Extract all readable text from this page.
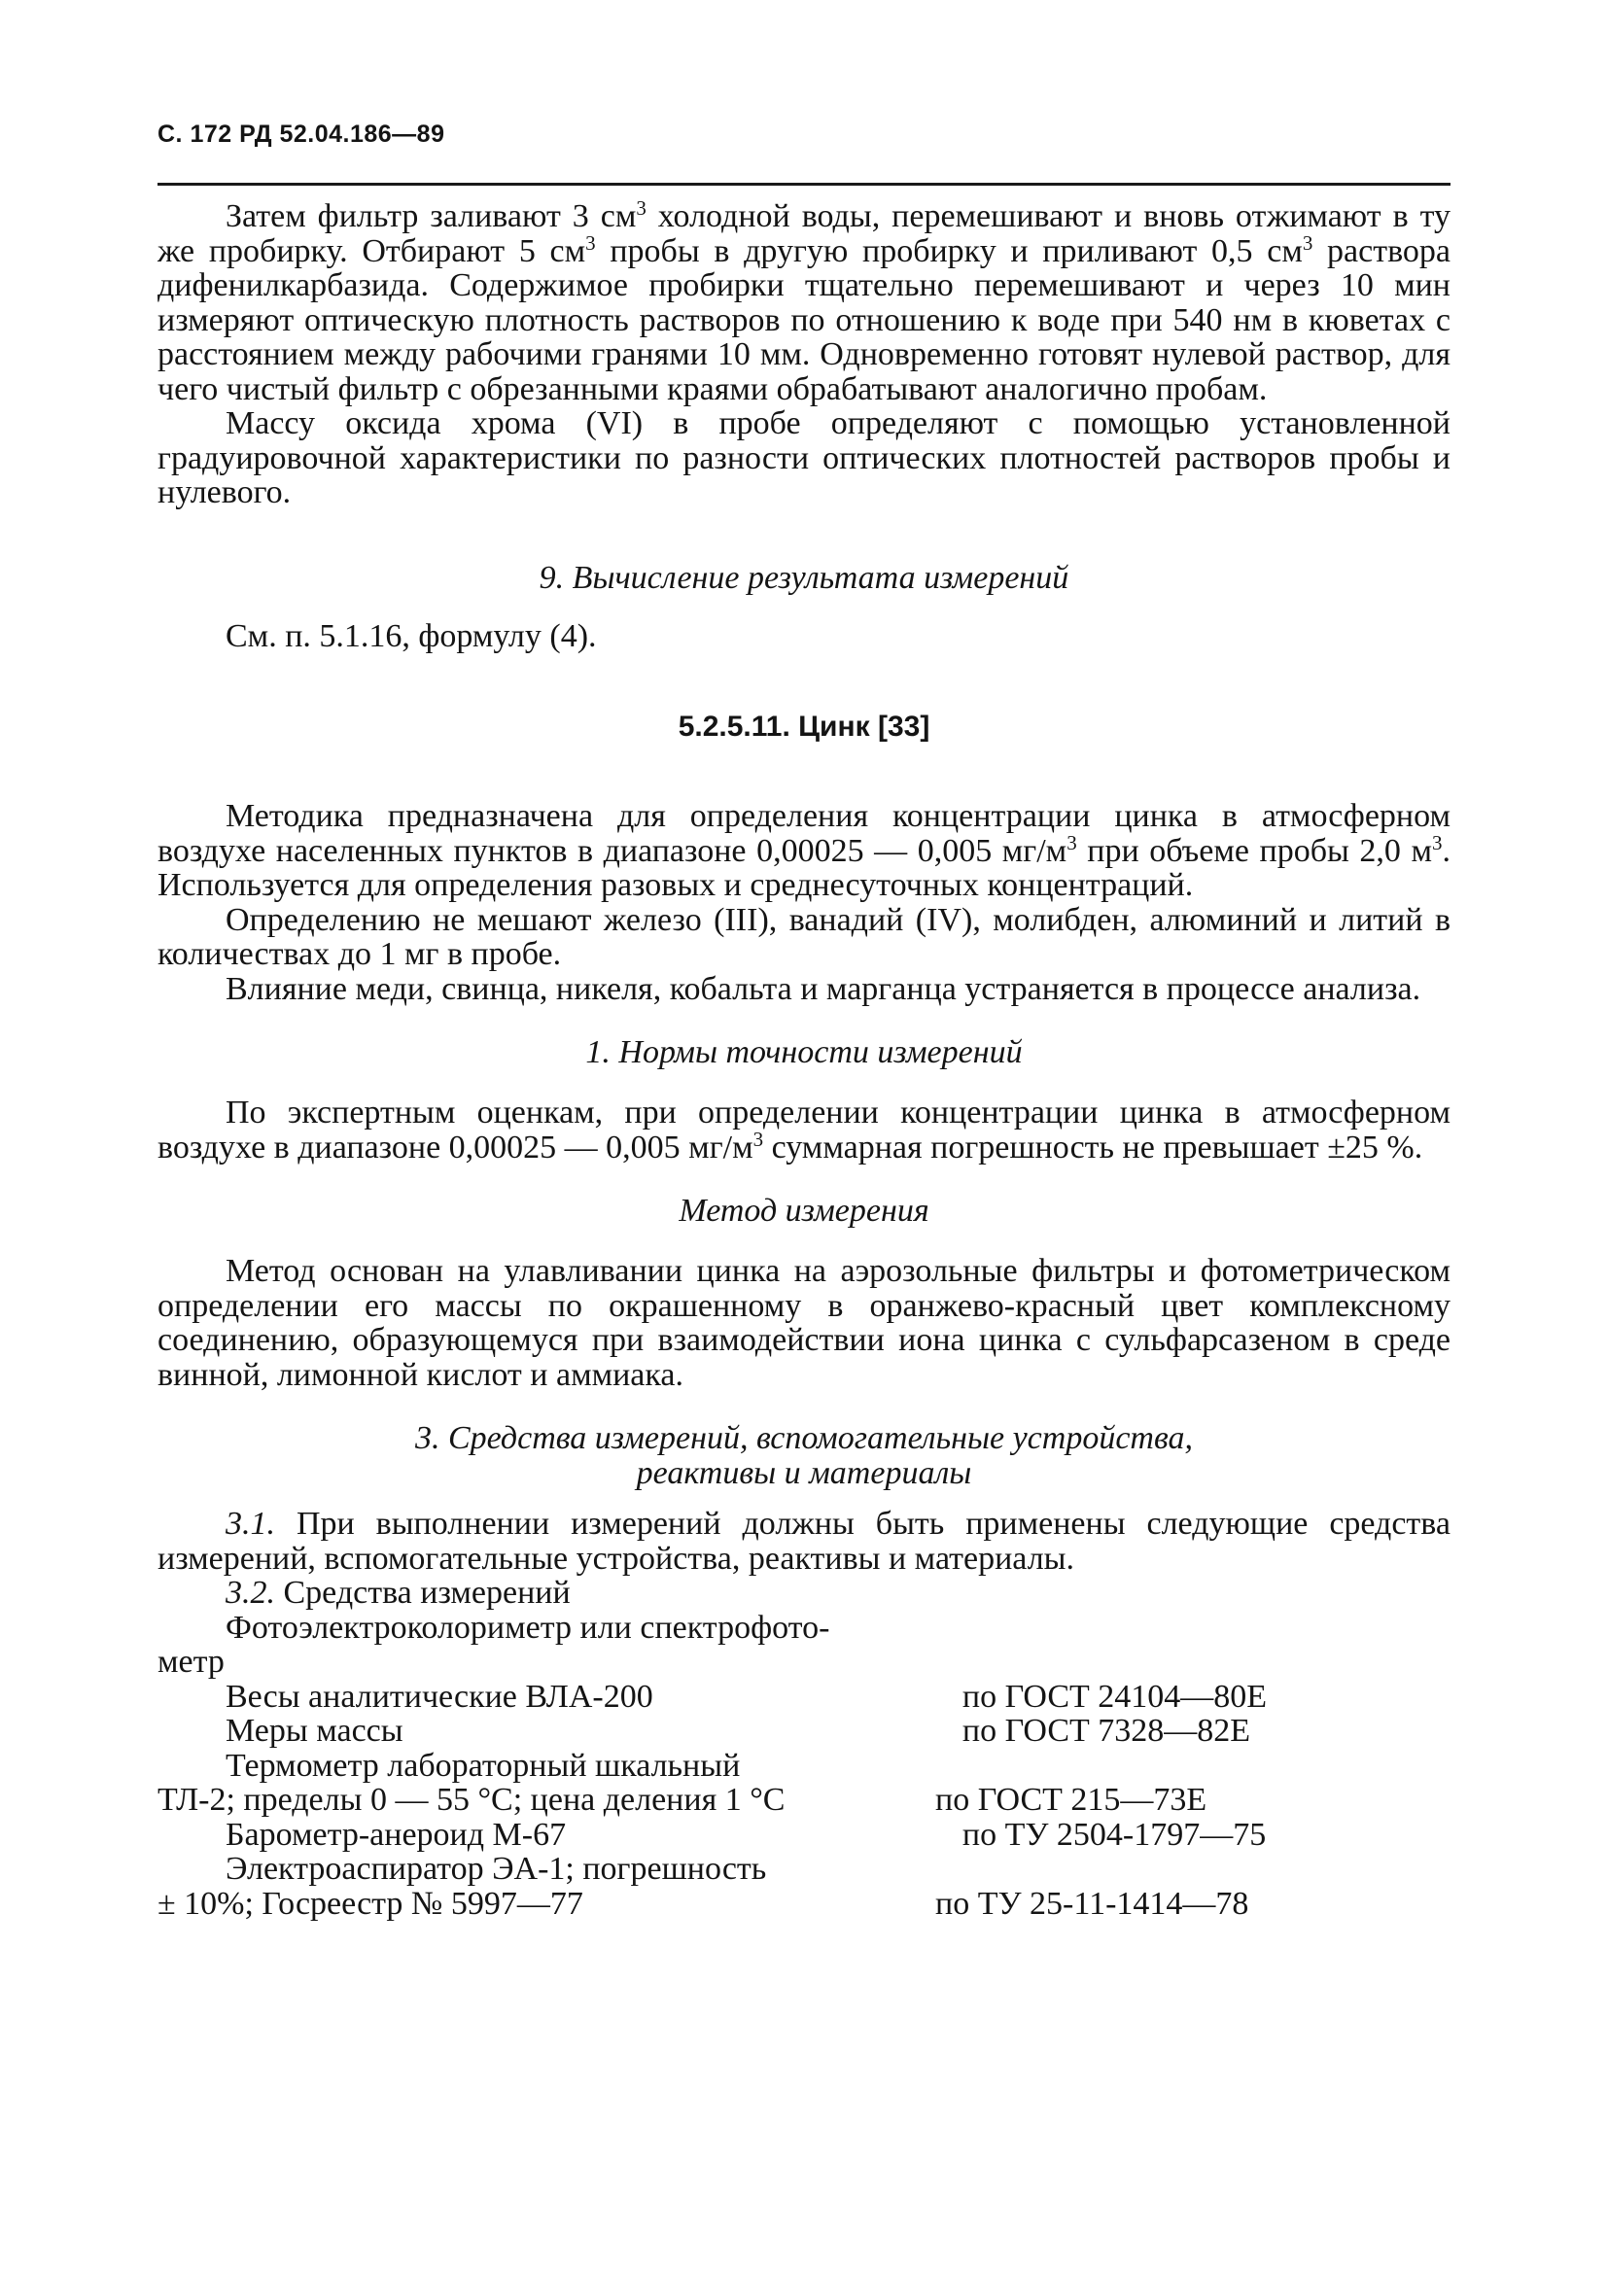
С. 172 РД 52.04.186—89

Затем фильтр заливают 3 $см^3$ холодной воды, перемешивают и вновь отжимают в ту же пробирку. Отбирают 5 $см^3$ пробы в другую пробирку и приливают 0,5 $см^3$ раствора дифенилкарбазида. Содержимое пробирки тщательно перемешивают и через 10 мин измеряют оптическую плотность растворов по отношению к воде при 540 нм в кюветах с расстоянием между рабочими гранями 10 мм. Одновременно готовят нулевой раствор, для чего чистый фильтр с обрезанными краями обрабатывают аналогично пробам.

Массу оксида хрома (VI) в пробе определяют с помощью установленной градуировочной характеристики по разности оптических плотностей растворов пробы и нулевого.

9. Вычисление результата измерений

См. п. 5.1.16, формулу (4).

5.2.5.11. Цинк [33]

Методика предназначена для определения концентрации цинка в атмосферном воздухе населенных пунктов в диапазоне 0,00025 — 0,005 $мг/м^3$ при объеме пробы 2,0 $м^3$. Используется для определения разовых и среднесуточных концентраций.

Определению не мешают железо (III), ванадий (IV), молибден, алюминий и литий в количествах до 1 мг в пробе.

Влияние меди, свинца, никеля, кобальта и марганца устраняется в процессе анализа.

1. Нормы точности измерений

По экспертным оценкам, при определении концентрации цинка в атмосферном воздухе в диапазоне 0,00025 — 0,005 $мг/м^3$ суммарная погрешность не превышает ±25 %.

Метод измерения

Метод основан на улавливании цинка на аэрозольные фильтры и фотометрическом определении его массы по окрашенному в оранжево-красный цвет комплексному соединению, образующемуся при взаимодействии иона цинка с сульфарсазеном в среде винной, лимонной кислот и аммиака.

3. Средства измерений, вспомогательные устройства,
реактивы и материалы

3.1. При выполнении измерений должны быть применены следующие средства измерений, вспомогательные устройства, реактивы и материалы.

3.2. Средства измерений

Фотоэлектроколориметр или спектрофото-
метр
Весы аналитические ВЛА-200	по ГОСТ 24104—80Е
Меры массы	по ГОСТ 7328—82Е
Термометр лабораторный шкальный
ТЛ-2; пределы 0 — 55 °С; цена деления 1 °С	по ГОСТ 215—73Е
Барометр-анероид М-67	по ТУ 2504-1797—75
Электроаспиратор ЭА-1; погрешность
± 10%; Госреестр № 5997—77	по ТУ 25-11-1414—78
